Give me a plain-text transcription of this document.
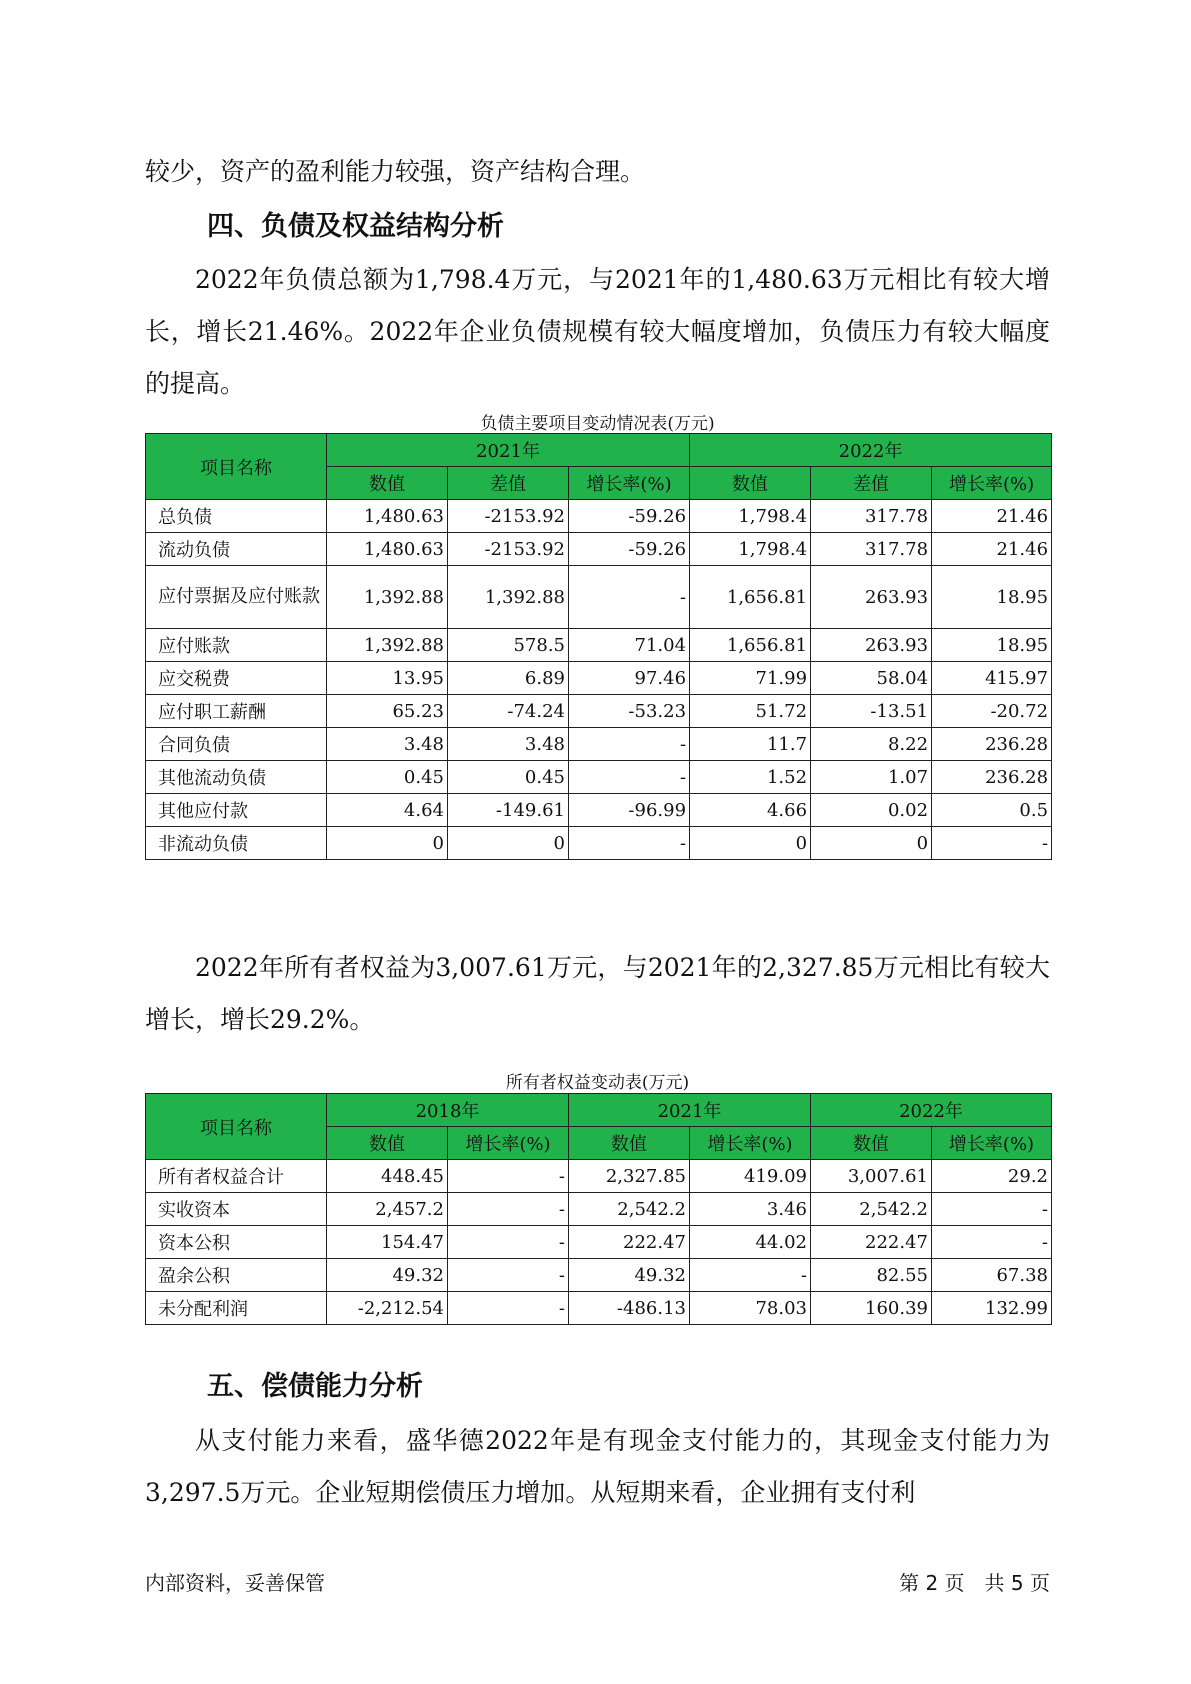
较少，资产的盈利能力较强，资产结构合理。

四、负债及权益结构分析

2022年负债总额为1,798.4万元，与2021年的1,480.63万元相比有较大增长，增长21.46%。2022年企业负债规模有较大幅度增加，负债压力有较大幅度的提高。

负债主要项目变动情况表(万元)
项目名称	2021年			2022年		
	数值	差值	增长率(%)	数值	差值	增长率(%)
总负债	1,480.63	-2153.92	-59.26	1,798.4	317.78	21.46
流动负债	1,480.63	-2153.92	-59.26	1,798.4	317.78	21.46
应付票据及应付账款	1,392.88	1,392.88	-	1,656.81	263.93	18.95
应付账款	1,392.88	578.5	71.04	1,656.81	263.93	18.95
应交税费	13.95	6.89	97.46	71.99	58.04	415.97
应付职工薪酬	65.23	-74.24	-53.23	51.72	-13.51	-20.72
合同负债	3.48	3.48	-	11.7	8.22	236.28
其他流动负债	0.45	0.45	-	1.52	1.07	236.28
其他应付款	4.64	-149.61	-96.99	4.66	0.02	0.5
非流动负债	0	0	-	0	0	-

2022年所有者权益为3,007.61万元，与2021年的2,327.85万元相比有较大增长，增长29.2%。

所有者权益变动表(万元)
项目名称	2018年		2021年		2022年	
	数值	增长率(%)	数值	增长率(%)	数值	增长率(%)
所有者权益合计	448.45	-	2,327.85	419.09	3,007.61	29.2
实收资本	2,457.2	-	2,542.2	3.46	2,542.2	-
资本公积	154.47	-	222.47	44.02	222.47	-
盈余公积	49.32	-	49.32	-	82.55	67.38
未分配利润	-2,212.54	-	-486.13	78.03	160.39	132.99
五、偿债能力分析

从支付能力来看，盛华德2022年是有现金支付能力的，其现金支付能力为3,297.5万元。企业短期偿债压力增加。从短期来看，企业拥有支付利

内部资料，妥善保管	第 2 页　共 5 页
